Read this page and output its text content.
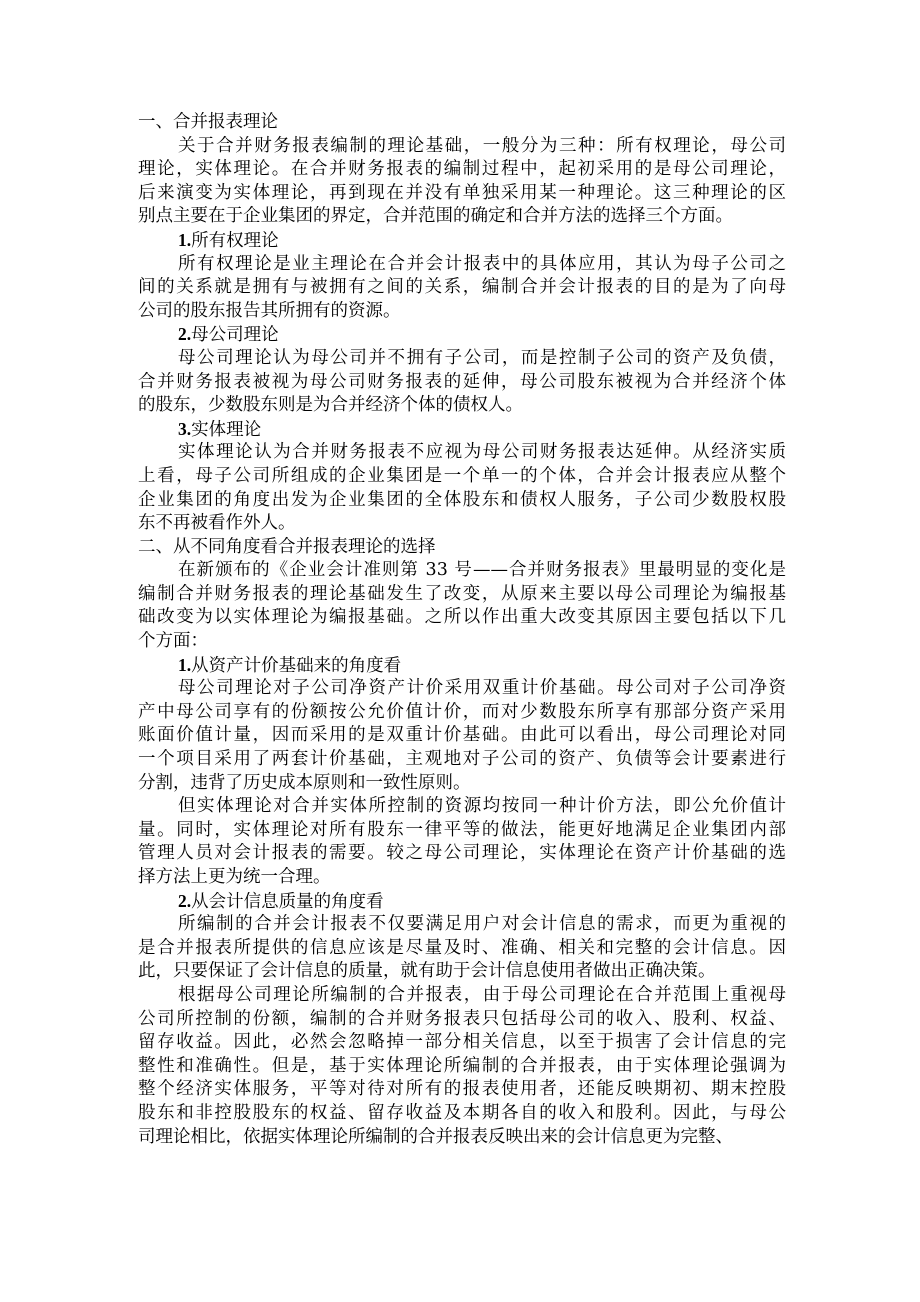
一、合并报表理论
关于合并财务报表编制的理论基础，一般分为三种：所有权理论，母公司
理论，实体理论。在合并财务报表的编制过程中，起初采用的是母公司理论，
后来演变为实体理论，再到现在并没有单独采用某一种理论。这三种理论的区
别点主要在于企业集团的界定，合并范围的确定和合并方法的选择三个方面。
1.所有权理论
所有权理论是业主理论在合并会计报表中的具体应用，其认为母子公司之
间的关系就是拥有与被拥有之间的关系，编制合并会计报表的目的是为了向母
公司的股东报告其所拥有的资源。
2.母公司理论
母公司理论认为母公司并不拥有子公司，而是控制子公司的资产及负债，
合并财务报表被视为母公司财务报表的延伸，母公司股东被视为合并经济个体
的股东，少数股东则是为合并经济个体的债权人。
3.实体理论
实体理论认为合并财务报表不应视为母公司财务报表达延伸。从经济实质
上看，母子公司所组成的企业集团是一个单一的个体，合并会计报表应从整个
企业集团的角度出发为企业集团的全体股东和债权人服务，子公司少数股权股
东不再被看作外人。
二、从不同角度看合并报表理论的选择
在新颁布的《企业会计准则第 33 号——合并财务报表》里最明显的变化是
编制合并财务报表的理论基础发生了改变，从原来主要以母公司理论为编报基
础改变为以实体理论为编报基础。之所以作出重大改变其原因主要包括以下几
个方面：
1.从资产计价基础来的角度看
母公司理论对子公司净资产计价采用双重计价基础。母公司对子公司净资
产中母公司享有的份额按公允价值计价，而对少数股东所享有那部分资产采用
账面价值计量，因而采用的是双重计价基础。由此可以看出，母公司理论对同
一个项目采用了两套计价基础，主观地对子公司的资产、负债等会计要素进行
分割，违背了历史成本原则和一致性原则。
但实体理论对合并实体所控制的资源均按同一种计价方法，即公允价值计
量。同时，实体理论对所有股东一律平等的做法，能更好地满足企业集团内部
管理人员对会计报表的需要。较之母公司理论，实体理论在资产计价基础的选
择方法上更为统一合理。
2.从会计信息质量的角度看
所编制的合并会计报表不仅要满足用户对会计信息的需求，而更为重视的
是合并报表所提供的信息应该是尽量及时、准确、相关和完整的会计信息。因
此，只要保证了会计信息的质量，就有助于会计信息使用者做出正确决策。
根据母公司理论所编制的合并报表，由于母公司理论在合并范围上重视母
公司所控制的份额，编制的合并财务报表只包括母公司的收入、股利、权益、
留存收益。因此，必然会忽略掉一部分相关信息，以至于损害了会计信息的完
整性和准确性。但是，基于实体理论所编制的合并报表，由于实体理论强调为
整个经济实体服务，平等对待对所有的报表使用者，还能反映期初、期末控股
股东和非控股股东的权益、留存收益及本期各自的收入和股利。因此，与母公
司理论相比，依据实体理论所编制的合并报表反映出来的会计信息更为完整、
